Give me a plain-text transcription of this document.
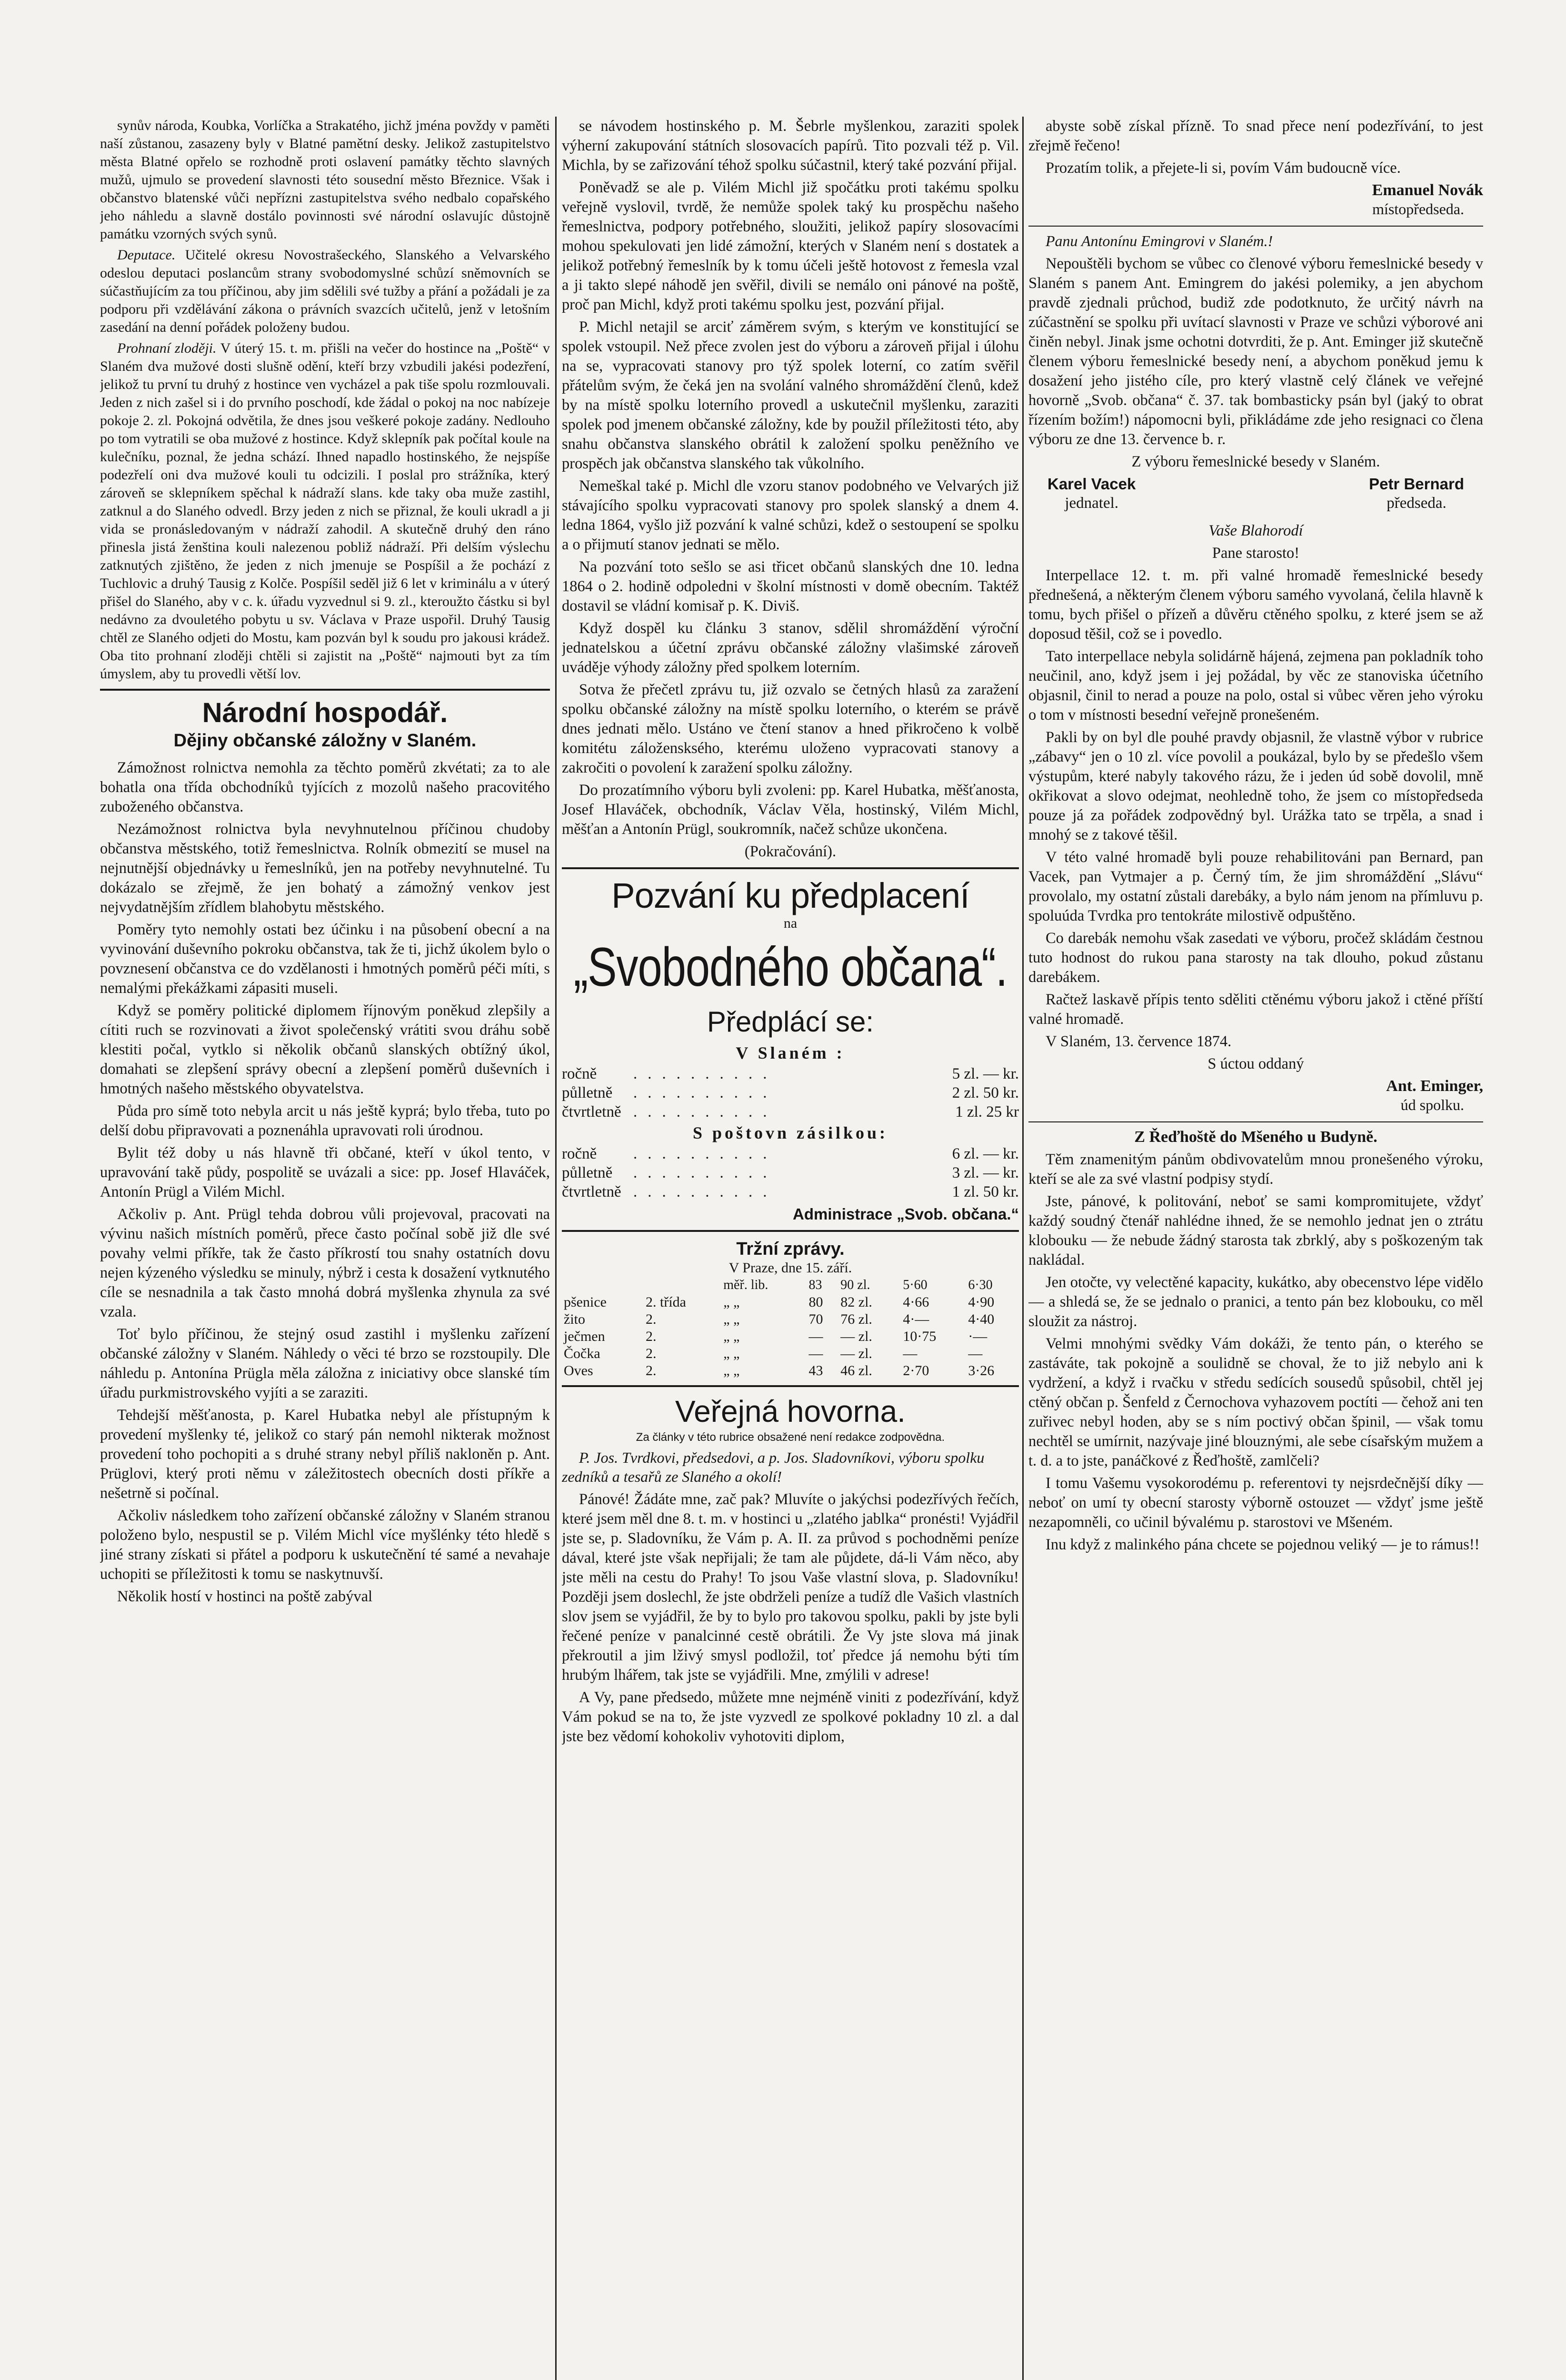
synův národa, Koubka, Vorlíčka a Strakatého, jichž jména povždy v paměti naší zůstanou, zasazeny byly v Blatné pamětní desky. Jelikož zastupitelstvo města Blatné opřelo se rozhodně proti oslavení památky těchto slavných mužů, ujmulo se provedení slavnosti této sousední město Březnice. Však i občanstvo blatenské vůči nepřízni zastupitelstva svého nedbalo copařského jeho náhledu a slavně dostálo povinnosti své národní oslavujíc důstojně památku vzorných svých synů.

Deputace. Učitelé okresu Novostrašeckého, Slanského a Velvarského odeslou deputaci poslancům strany svobodomyslné schůzí sněmovních se súčastňujícím za tou příčinou, aby jim sdělili své tužby a přání a požádali je za podporu při vzdělávání zákona o právních svazcích učitelů, jenž v letošním zasedání na denní pořádek položeny budou.

Prohnaní zloději. V úterý 15. t. m. přišli na večer do hostince na „Poště“ v Slaném dva mužové dosti slušně odění, kteří brzy vzbudili jakési podezření, jelikož tu první tu druhý z hostince ven vycházel a pak tiše spolu rozmlouvali. Jeden z nich zašel si i do prvního poschodí, kde žádal o pokoj na noc nabízeje pokoje 2. zl. Pokojná odvětila, že dnes jsou veškeré pokoje zadány. Nedlouho po tom vytratili se oba mužové z hostince. Když sklepník pak počítal koule na kulečníku, poznal, že jedna schází. Ihned napadlo hostinského, že nejspíše podezřelí oni dva mužové kouli tu odcizili. I poslal pro strážníka, který zároveň se sklepníkem spěchal k nádraží slans. kde taky oba muže zastihl, zatknul a do Slaného odvedl. Brzy jeden z nich se přiznal, že kouli ukradl a ji vida se pronásledovaným v nádraží zahodil. A skutečně druhý den ráno přinesla jistá ženština kouli nalezenou pobliž nádraží. Při delším výslechu zatknutých zjištěno, že jeden z nich jmenuje se Pospíšil a že pochází z Tuchlovic a druhý Tausig z Kolče. Pospíšil seděl již 6 let v kriminálu a v úterý přišel do Slaného, aby v c. k. úřadu vyzvednul si 9. zl., kteroužto částku si byl nedávno za dvouletého pobytu u sv. Václava v Praze uspořil. Druhý Tausig chtěl ze Slaného odjeti do Mostu, kam pozván byl k soudu pro jakousi krádež. Oba tito prohnaní zloději chtěli si zajistit na „Poště“ najmouti byt za tím úmyslem, aby tu provedli větší lov.

Národní hospodář.
Dějiny občanské záložny v Slaném.

Zámožnost rolnictva nemohla za těchto poměrů zkvétati; za to ale bohatla ona třída obchodníků tyjících z mozolů našeho pracovitého zuboženého občanstva.

Nezámožnost rolnictva byla nevyhnutelnou příčinou chudoby občanstva městského, totiž řemeslnictva. Rolník obmezití se musel na nejnutnější objednávky u řemeslníků, jen na potřeby nevyhnutelné. Tu dokázalo se zřejmě, že jen bohatý a zámožný venkov jest nejvydatnějším zřídlem blahobytu městského.

Poměry tyto nemohly ostati bez účinku i na působení obecní a na vyvinování duševního pokroku občanstva, tak že ti, jichž úkolem bylo o povznesení občanstva ce do vzdělanosti i hmotných poměrů péči míti, s nemalými překážkami zápasiti museli.

Když se poměry politické diplomem říjnovým poněkud zlepšily a cítiti ruch se rozvinovati a život společenský vrátiti svou dráhu sobě klestiti počal, vytklo si několik občanů slanských obtížný úkol, domahati se zlepšení správy obecní a zlepšení poměrů duševních i hmotných našeho městského obyvatelstva.

Půda pro símě toto nebyla arcit u nás ještě kyprá; bylo třeba, tuto po delší dobu připravovati a poznenáhla upravovati roli úrodnou.

Bylit též doby u nás hlavně tři občané, kteří v úkol tento, v upravování takě půdy, pospolitě se uvázali a sice: pp. Josef Hlaváček, Antonín Prügl a Vilém Michl.

Ačkoliv p. Ant. Prügl tehda dobrou vůli projevoval, pracovati na vývinu našich místních poměrů, přece často počínal sobě již dle své povahy velmi příkře, tak že často příkrostí tou snahy ostatních dovu nejen kýzeného výsledku se minuly, nýbrž i cesta k dosažení vytknutého cíle se nesnadnila a tak často mnohá dobrá myšlenka zhynula za své vzala.

Toť bylo příčinou, že stejný osud zastihl i myšlenku zařízení občanské záložny v Slaném. Náhledy o věci té brzo se rozstoupily. Dle náhledu p. Antonína Prügla měla záložna z iniciativy obce slanské tím úřadu purkmistrovského vyjíti a se zaraziti.

Tehdejší měšťanosta, p. Karel Hubatka nebyl ale přístupným k provedení myšlenky té, jelikož co starý pán nemohl nikterak možnost provedení toho pochopiti a s druhé strany nebyl příliš nakloněn p. Ant. Prüglovi, který proti němu v záležitostech obecních dosti příkře a nešetrně si počínal.

Ačkoliv následkem toho zařízení občanské záložny v Slaném stranou položeno bylo, nespustil se p. Vilém Michl více myšlénky této hledě s jiné strany získati si přátel a podporu k uskutečnění té samé a nevahaje uchopiti se příležitosti k tomu se naskytnuvší.

Několik hostí v hostinci na poště zabýval

se návodem hostinského p. M. Šebrle myšlenkou, zaraziti spolek výherní zakupování státních slosovacích papírů. Tito pozvali též p. Vil. Michla, by se zařizování téhož spolku súčastnil, který také pozvání přijal.

Poněvadž se ale p. Vilém Michl již spočátku proti takému spolku veřejně vyslovil, tvrdě, že nemůže spolek taký ku prospěchu našeho řemeslnictva, podpory potřebného, sloužiti, jelikož papíry slosovacími mohou spekulovati jen lidé zámožní, kterých v Slaném není s dostatek a jelikož potřebný řemeslník by k tomu účeli ještě hotovost z řemesla vzal a ji takto slepé náhodě jen svěřil, divili se nemálo oni pánové na poště, proč pan Michl, když proti takému spolku jest, pozvání přijal.

P. Michl netajil se arciť záměrem svým, s kterým ve konstitující se spolek vstoupil. Než přece zvolen jest do výboru a zároveň přijal i úlohu na se, vypracovati stanovy pro týž spolek loterní, co zatím svěřil přátelům svým, že čeká jen na svolání valného shromáždění členů, kdež by na místě spolku loterního provedl a uskutečnil myšlenku, zaraziti spolek pod jmenem občanské záložny, kde by použil příležitosti této, aby snahu občanstva slanského obrátil k založení spolku peněžního ve prospěch jak občanstva slanského tak vůkolního.

Nemeškal také p. Michl dle vzoru stanov podobného ve Velvarých již stávajícího spolku vypracovati stanovy pro spolek slanský a dnem 4. ledna 1864, vyšlo již pozvání k valné schůzi, kdež o sestoupení se spolku a o přijmutí stanov jednati se mělo.

Na pozvání toto sešlo se asi třicet občanů slanských dne 10. ledna 1864 o 2. hodině odpoledni v školní místnosti v domě obecním. Taktéž dostavil se vládní komisař p. K. Diviš.

Když dospěl ku článku 3 stanov, sdělil shromáždění výroční jednatelskou a účetní zprávu občanské záložny vlašimské zároveň uváděje výhody záložny před spolkem loterním.

Sotva že přečetl zprávu tu, již ozvalo se četných hlasů za zaražení spolku občanské záložny na místě spolku loterního, o kterém se právě dnes jednati mělo. Ustáno ve čtení stanov a hned přikročeno k volbě komitétu záložensksého, kterému uloženo vypracovati stanovy a zakročiti o povolení k zaražení spolku záložny.

Do prozatímního výboru byli zvoleni: pp. Karel Hubatka, měšťanosta, Josef Hlaváček, obchodník, Václav Věla, hostinský, Vilém Michl, měšťan a Antonín Prügl, soukromník, načež schůze ukončena.

(Pokračování).

Pozvání ku předplacení
na
„Svobodného občana“.
Předplácí se:
V Slaném :
ročně	..........	5 zl. — kr.
půlletně	..........	2 zl. 50 kr.
čtvrtletně ..........	1 zl. 25 kr
S poštovn zásilkou:
ročně	..........	6 zl. — kr.
půlletně	..........	3 zl. — kr.
čtvrtletně ..........	1 zl. 50 kr.
Administrace „Svob. občana.“
Tržní zprávy.
V Praze, dne 15. září.
		měř. lib.	83	90 zl.	5·60	6·30
pšenice	2. třída	„ „	80	82 zl.	4·66	4·90
žito	2.	„ „	70	76 zl.	4·—	4·40
ječmen	2.	„ „	—	— zl.	10·75	·—
Čočka	2.	„ „	—	— zl.	—	—
Oves	2.	„ „	43	46 zl.	2·70	3·26
Veřejná hovorna.
Za články v této rubrice obsažené není redakce zodpovědna.

P. Jos. Tvrdkovi, předsedovi, a p. Jos. Sladovníkovi, výboru spolku zedníků a tesařů ze Slaného a okolí!

Pánové! Žádáte mne, zač pak? Mluvíte o jakýchsi podezřívých řečích, které jsem měl dne 8. t. m. v hostinci u „zlatého jablka“ pronésti! Vyjádřil jste se, p. Sladovníku, že Vám p. A. II. za průvod s pochodněmi peníze dával, které jste však nepřijali; že tam ale půjdete, dá-li Vám něco, aby jste měli na cestu do Prahy! To jsou Vaše vlastní slova, p. Sladovníku! Později jsem doslechl, že jste obdrželi peníze a tudíž dle Vašich vlastních slov jsem se vyjádřil, že by to bylo pro takovou spolku, pakli by jste byli řečené peníze v panalcinné cestě obrátili. Že Vy jste slova má jinak překroutil a jim lživý smysl podložil, toť předce já nemohu býti tím hrubým lhářem, tak jste se vyjádřili. Mne, zmýlili v adrese!

A Vy, pane předsedo, můžete mne nejméně viniti z podezřívání, když Vám pokud se na to, že jste vyzvedl ze spolkové pokladny 10 zl. a dal jste bez vědomí kohokoliv vyhotoviti diplom,

abyste sobě získal přízně. To snad přece není podezřívání, to jest zřejmě řečeno!

Prozatím tolik, a přejete-li si, povím Vám budoucně více.

Emanuel Novák

místopředseda.

Panu Antonínu Emingrovi v Slaném.!

Nepouštěli bychom se vůbec co členové výboru řemeslnické besedy v Slaném s panem Ant. Emingrem do jakési polemiky, a jen abychom pravdě zjednali průchod, budiž zde podotknuto, že určitý návrh na zúčastnění se spolku při uvítací slavnosti v Praze ve schůzi výborové ani činěn nebyl. Jinak jsme ochotni dotvrditi, že p. Ant. Eminger již skutečně členem výboru řemeslnické besedy není, a abychom poněkud jemu k dosažení jeho jistého cíle, pro který vlastně celý článek ve veřejné hovorně „Svob. občana“ č. 37. tak bombasticky psán byl (jaký to obrat řízením božím!) nápomocni byli, přikládáme zde jeho resignaci co člena výboru ze dne 13. července b. r.

Z výboru řemeslnické besedy v Slaném.

Karel Vacek
jednatel.
Petr Bernard
předseda.

Vaše Blahorodí

Pane starosto!

Interpellace 12. t. m. při valné hromadě řemeslnické besedy přednešená, a některým členem výboru samého vyvolaná, čelila hlavně k tomu, bych přišel o přízeň a důvěru ctěného spolku, z které jsem se až doposud těšil, což se i povedlo.

Tato interpellace nebyla solidárně hájená, zejmena pan pokladník toho neučinil, ano, když jsem i jej požádal, by věc ze stanoviska účetního objasnil, činil to nerad a pouze na polo, ostal si vůbec věren jeho výroku o tom v místnosti besední veřejně pronešeném.

Pakli by on byl dle pouhé pravdy objasnil, že vlastně výbor v rubrice „zábavy“ jen o 10 zl. více povolil a poukázal, bylo by se předešlo všem výstupům, které nabyly takového rázu, že i jeden úd sobě dovolil, mně okřikovat a slovo odejmat, neohledně toho, že jsem co místopředseda pouze já za pořádek zodpovědný byl. Urážka tato se trpěla, a snad i mnohý se z takové těšil.

V této valné hromadě byli pouze rehabilitováni pan Bernard, pan Vacek, pan Vytmajer a p. Černý tím, že jim shromáždění „Slávu“ provolalo, my ostatní zůstali darebáky, a bylo nám jenom na přímluvu p. spoluúda Tvrdka pro tentokráte milostivě odpuštěno.

Co darebák nemohu však zasedati ve výboru, pročež skládám čestnou tuto hodnost do rukou pana starosty na tak dlouho, pokud zůstanu darebákem.

Račtež laskavě přípis tento sděliti ctěnému výboru jakož i ctěné příští valné hromadě.

V Slaném, 13. července 1874.

S úctou oddaný

Ant. Eminger,

úd spolku.

Z Řeďhoště do Mšeného u Budyně.

Těm znamenitým pánům obdivovatelům mnou pronešeného výroku, kteří se ale za své vlastní podpisy stydí.

Jste, pánové, k politování, neboť se sami kompromitujete, vždyť každý soudný čtenář nahlédne ihned, že se nemohlo jednat jen o ztrátu klobouku — že nebude žádný starosta tak zbrklý, aby s poškozeným tak nakládal.

Jen otočte, vy velectěné kapacity, kukátko, aby obecenstvo lépe vidělo — a shledá se, že se jednalo o pranici, a tento pán bez klobouku, co měl sloužit za nástroj.

Velmi mnohými svědky Vám dokáži, že tento pán, o kterého se zastáváte, tak pokojně a soulidně se choval, že to již nebylo ani k vydržení, a když i rvačku v středu sedících sousedů spůsobil, chtěl jej ctěný občan p. Šenfeld z Černochova vyhazovem poctíti — čehož ani ten zuřivec nebyl hoden, aby se s ním poctivý občan špinil, — však tomu nechtěl se umírnit, nazývaje jiné blouznými, ale sebe císařským mužem a t. d. a to jste, panáčkové z Řeďhoště, zamlčeli?

I tomu Vašemu vysokorodému p. referentovi ty nejsrdečnější díky — neboť on umí ty obecní starosty výborně ostouzet — vždyť jsme ještě nezapomněli, co učinil bývalému p. starostovi ve Mšeném.

Inu když z malinkého pána chcete se pojednou veliký — je to rámus!!
